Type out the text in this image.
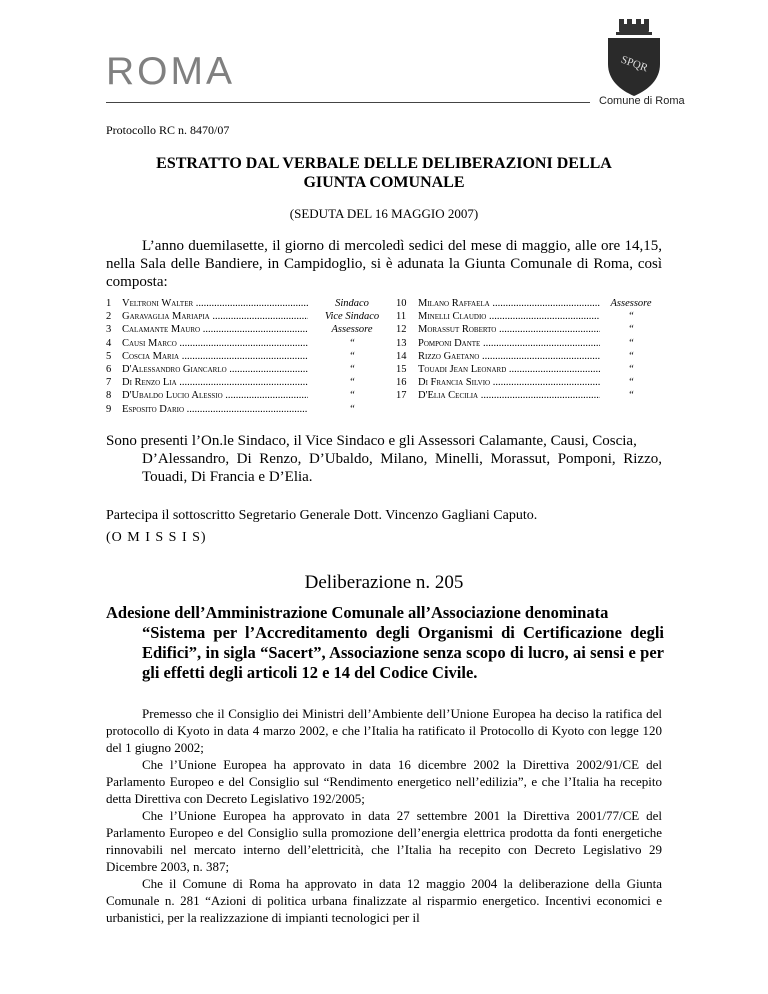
ROMA	SPQR
Comune di Roma
Protocollo RC n. 8470/07
ESTRATTO DAL VERBALE DELLE DELIBERAZIONI DELLA
GIUNTA COMUNALE
(SEDUTA DEL 16 MAGGIO 2007)
L’anno duemilasette, il giorno di mercoledì sedici del mese di maggio, alle ore 14,15, nella Sala delle Bandiere, in Campidoglio, si è adunata la Giunta Comunale di Roma, così composta:
1	Veltroni Walter .....	Sindaco
2	Garavaglia Mariapia .....	Vice Sindaco
3	Calamante Mauro .....	Assessore
4	Causi Marco .....	“
5	Coscia Maria .....	“
6	D'Alessandro Giancarlo .....	“
7	Di Renzo Lia .....	“
8	D'Ubaldo Lucio Alessio .....	“
9	Esposito Dario .....	“
10	Milano Raffaela .....	Assessore
11	Minelli Claudio .....	“
12	Morassut Roberto .....	“
13	Pomponi Dante .....	“
14	Rizzo Gaetano .....	“
15	Touadi Jean Leonard .....	“
16	Di Francia Silvio .....	“
17	D'Elia Cecilia .....	“
Sono presenti l’On.le Sindaco, il Vice Sindaco e gli Assessori Calamante, Causi, Coscia,
D’Alessandro, Di Renzo, D’Ubaldo, Milano, Minelli, Morassut, Pomponi, Rizzo, Touadi, Di Francia e D’Elia.
Partecipa il sottoscritto Segretario Generale Dott. Vincenzo Gagliani Caputo.
(O M I S S I S)
Deliberazione n. 205
Adesione dell’Amministrazione Comunale all’Associazione denominata
“Sistema per l’Accreditamento degli Organismi di Certificazione degli Edifici”, in sigla “Sacert”, Associazione senza scopo di lucro, ai sensi e per gli effetti degli articoli 12 e 14 del Codice Civile.

Premesso che il Consiglio dei Ministri dell’Ambiente dell’Unione Europea ha deciso la ratifica del protocollo di Kyoto in data 4 marzo 2002, e che l’Italia ha ratificato il Protocollo di Kyoto con legge 120 del 1 giugno 2002;

Che l’Unione Europea ha approvato in data 16 dicembre 2002 la Direttiva 2002/91/CE del Parlamento Europeo e del Consiglio sul “Rendimento energetico nell’edilizia”, e che l’Italia ha recepito detta Direttiva con Decreto Legislativo 192/2005;

Che l’Unione Europea ha approvato in data 27 settembre 2001 la Direttiva 2001/77/CE del Parlamento Europeo e del Consiglio sulla promozione dell’energia elettrica prodotta da fonti energetiche rinnovabili nel mercato interno dell’elettricità, che l’Italia ha recepito con Decreto Legislativo 29 Dicembre 2003, n. 387;

Che il Comune di Roma ha approvato in data 12 maggio 2004 la deliberazione della Giunta Comunale n. 281 “Azioni di politica urbana finalizzate al risparmio energetico. Incentivi economici e urbanistici, per la realizzazione di impianti tecnologici per il
